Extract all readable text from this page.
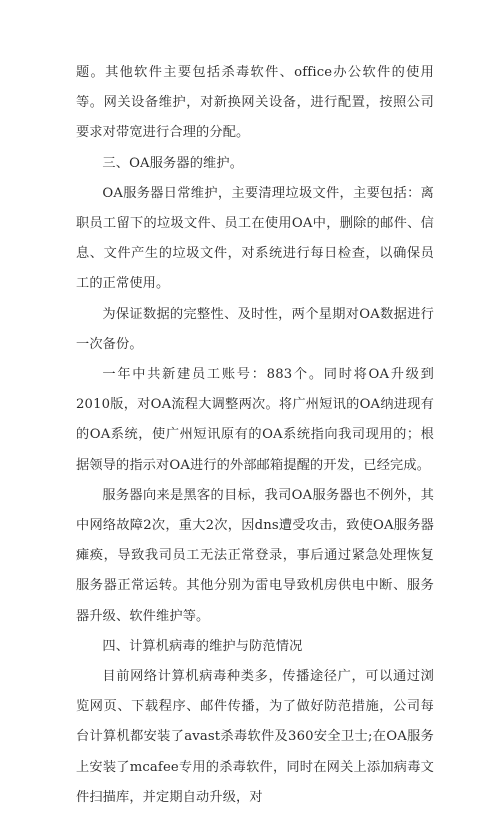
题。其他软件主要包括杀毒软件、office办公软件的使用等。网关设备维护，对新换网关设备，进行配置，按照公司要求对带宽进行合理的分配。

三、OA服务器的维护。

OA服务器日常维护，主要清理垃圾文件，主要包括：离职员工留下的垃圾文件、员工在使用OA中，删除的邮件、信息、文件产生的垃圾文件，对系统进行每日检查，以确保员工的正常使用。

为保证数据的完整性、及时性，两个星期对OA数据进行一次备份。

一年中共新建员工账号：883个。同时将OA升级到2010版，对OA流程大调整两次。将广州短讯的OA纳进现有的OA系统，使广州短讯原有的OA系统指向我司现用的；根据领导的指示对OA进行的外部邮箱提醒的开发，已经完成。

服务器向来是黑客的目标，我司OA服务器也不例外，其中网络故障2次，重大2次，因dns遭受攻击，致使OA服务器瘫痪，导致我司员工无法正常登录，事后通过紧急处理恢复服务器正常运转。其他分别为雷电导致机房供电中断、服务器升级、软件维护等。

四、计算机病毒的维护与防范情况

目前网络计算机病毒种类多，传播途径广，可以通过浏览网页、下载程序、邮件传播，为了做好防范措施，公司每台计算机都安装了avast杀毒软件及360安全卫士;在OA服务上安装了mcafee专用的杀毒软件，同时在网关上添加病毒文件扫描库，并定期自动升级，对
